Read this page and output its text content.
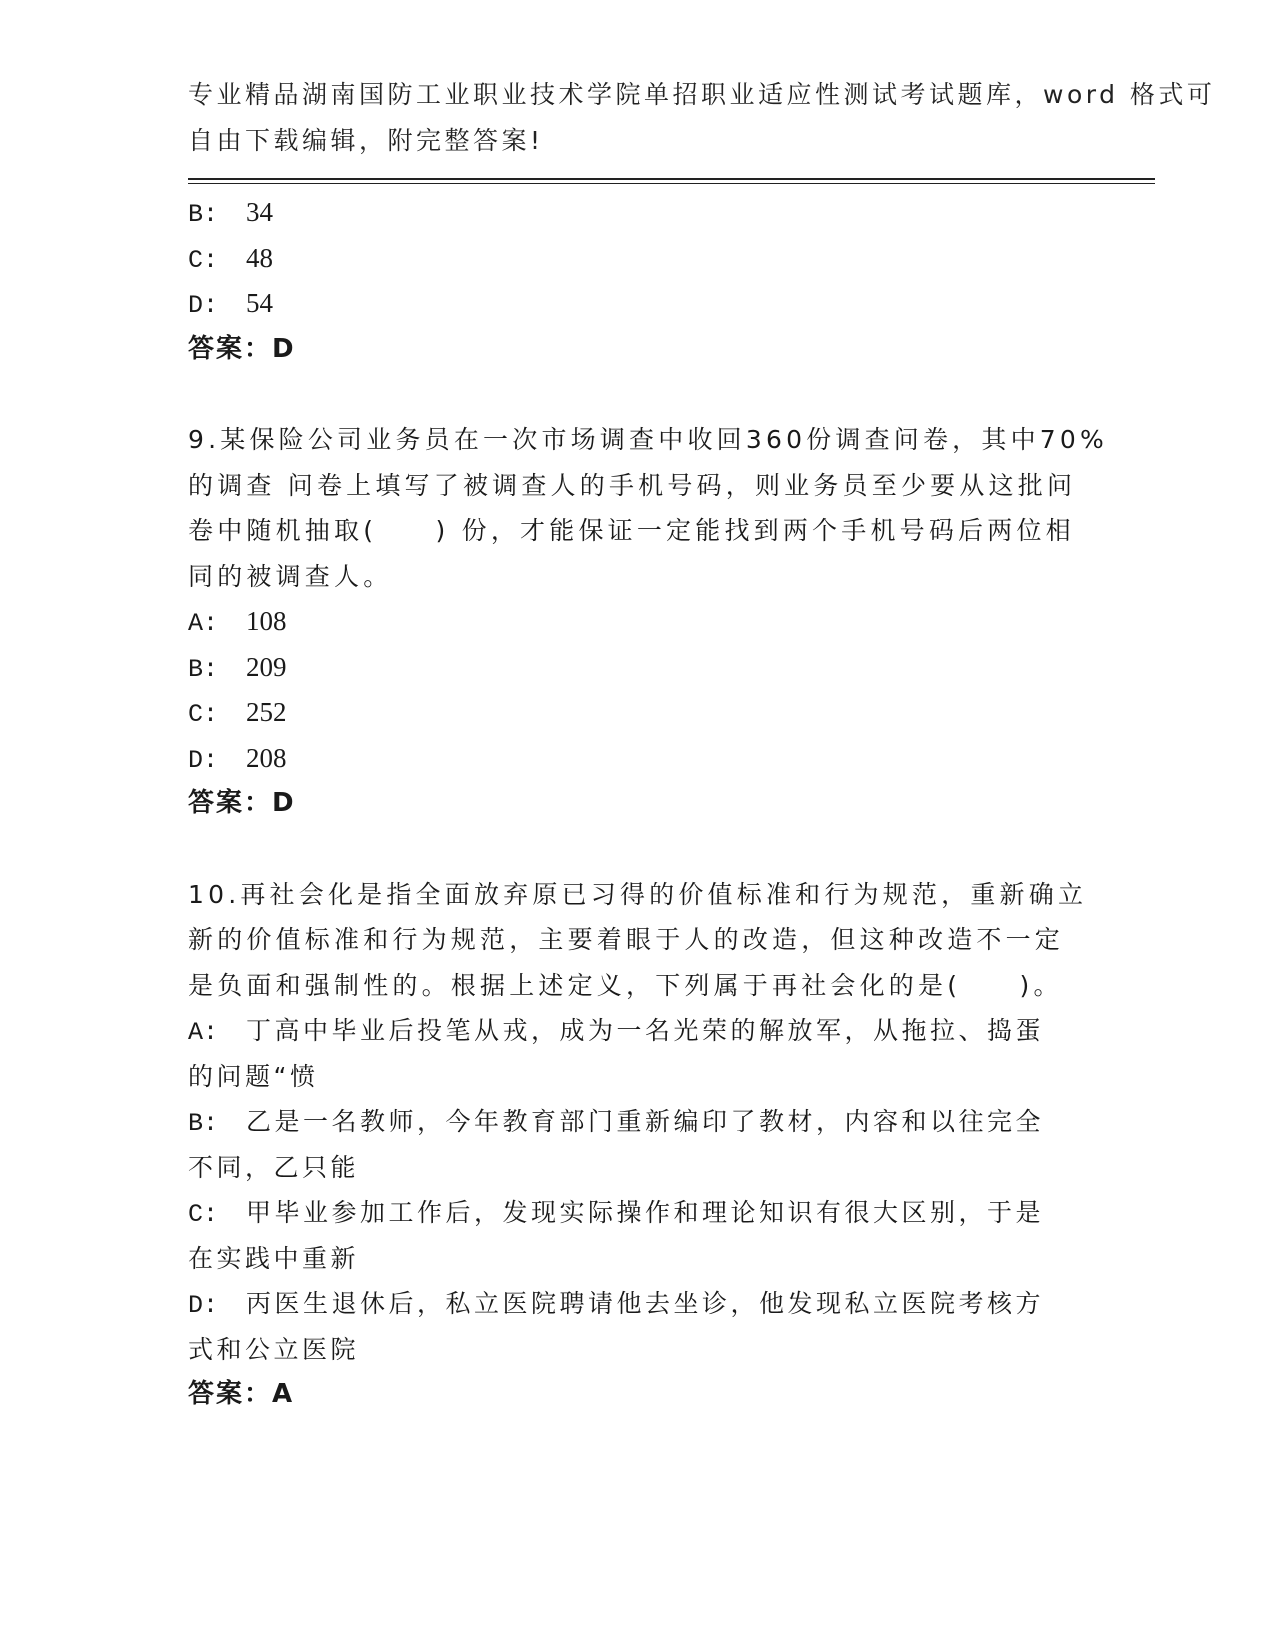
专业精品湖南国防工业职业技术学院单招职业适应性测试考试题库，word 格式可
自由下载编辑，附完整答案!
B: 34
C: 48
D: 54
答案：D
9.某保险公司业务员在一次市场调查中收回360份调查问卷，其中70%
的调查 问卷上填写了被调查人的手机号码，则业务员至少要从这批问
卷中随机抽取(　　) 份，才能保证一定能找到两个手机号码后两位相
同的被调查人。
A: 108
B: 209
C: 252
D: 208
答案：D
10.再社会化是指全面放弃原已习得的价值标准和行为规范，重新确立
新的价值标准和行为规范，主要着眼于人的改造，但这种改造不一定
是负面和强制性的。根据上述定义，下列属于再社会化的是(　　)。
A: 丁高中毕业后投笔从戎，成为一名光荣的解放军，从拖拉、捣蛋
的问题“愤
B: 乙是一名教师，今年教育部门重新编印了教材，内容和以往完全
不同，乙只能
C: 甲毕业参加工作后，发现实际操作和理论知识有很大区别，于是
在实践中重新
D: 丙医生退休后，私立医院聘请他去坐诊，他发现私立医院考核方
式和公立医院
答案：A
